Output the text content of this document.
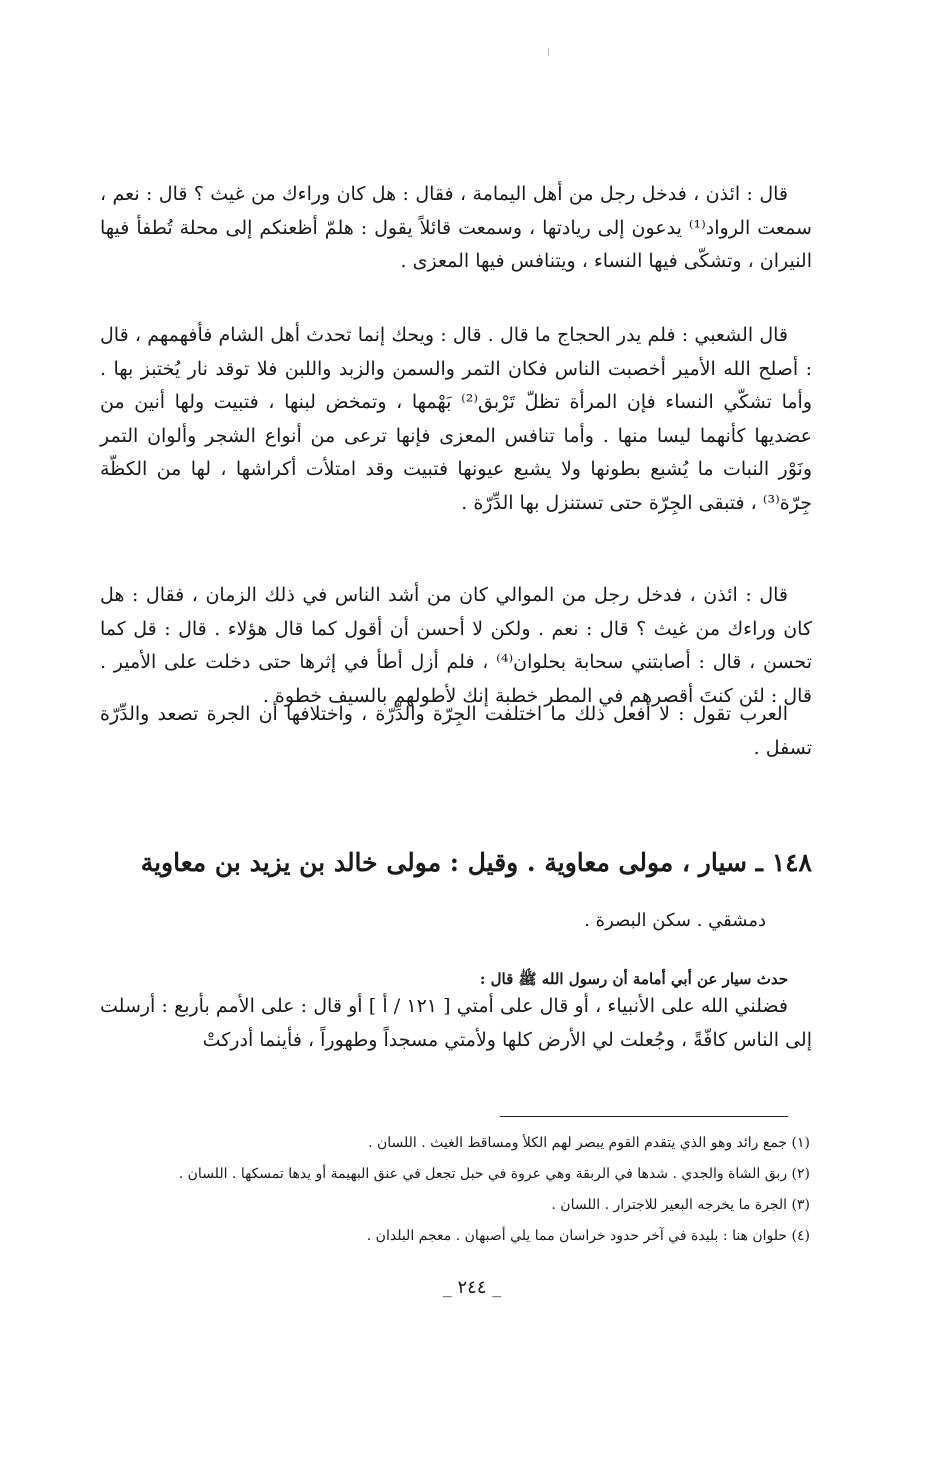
قال : ائذن ، فدخل رجل من أهل اليمامة ، فقال : هل كان وراءك من غيث ؟ قال : نعم ، سمعت الرواد⁽¹⁾ يدعون إلى ريادتها ، وسمعت قائلاً يقول : هلمّ أظعنكم إلى محلة تُطفأ فيها النيران ، وتشكّى فيها النساء ، ويتنافس فيها المعزى .

قال الشعبي : فلم يدر الحجاج ما قال . قال : ويحك إنما تحدث أهل الشام فأفهمهم ، قال : أصلح الله الأمير أخصبت الناس فكان التمر والسمن والزبد واللبن فلا توقد نار يُختبز بها . وأما تشكّي النساء فإن المرأة تظلّ تَرْبق⁽²⁾ بَهْمها ، وتمخض لبنها ، فتبيت ولها أنين من عضديها كأنهما ليسا منها . وأما تنافس المعزى فإنها ترعى من أنواع الشجر وألوان التمر ونَوْر النبات ما يُشبع بطونها ولا يشبع عيونها فتبيت وقد امتلأت أكراشها ، لها من الكظّة جِرّة⁽³⁾ ، فتبقى الجِرّة حتى تستنزل بها الدِّرّة .

قال : ائذن ، فدخل رجل من الموالي كان من أشد الناس في ذلك الزمان ، فقال : هل كان وراءك من غيث ؟ قال : نعم . ولكن لا أحسن أن أقول كما قال هؤلاء . قال : قل كما تحسن ، قال : أصابتني سحابة بحلوان⁽⁴⁾ ، فلم أزل أطأ في إثرها حتى دخلت على الأمير . قال : لئن كنتَ أقصرهم في المطر خطبة إنك لأطولهم بالسيف خطوة .

العرب تقول : لا أفعل ذلك ما اختلفت الجِرّة والدِّرّة ، واختلافها أن الجرة تصعد والدِّرّة تسفل .

١٤٨ ـ سيار ، مولى معاوية . وقيل : مولى خالد بن يزيد بن معاوية

دمشقي . سكن البصرة .

حدث سيار عن أبي أمامة أن رسول الله ﷺ قال :

فضلني الله على الأنبياء ، أو قال على أمتي [ ١٢١ / أ ] أو قال : على الأمم بأربع : أرسلت إلى الناس كافّةً ، وجُعلت لي الأرض كلها ولأمتي مسجداً وطهوراً ، فأينما أدركتْ

(١) جمع رائد وهو الذي يتقدم القوم يبصر لهم الكلأ ومساقط الغيث . اللسان .

(٢) ربق الشاة والجدي . شدها في الربقة وهي عروة في حبل تجعل في عنق البهيمة أو يدها تمسكها . اللسان .

(٣) الجرة ما يخرجه البعير للاجترار . اللسان .

(٤) حلوان هنا : بليدة في آخر حدود خراسان مما يلي أصبهان . معجم البلدان .

_ ٢٤٤ _
